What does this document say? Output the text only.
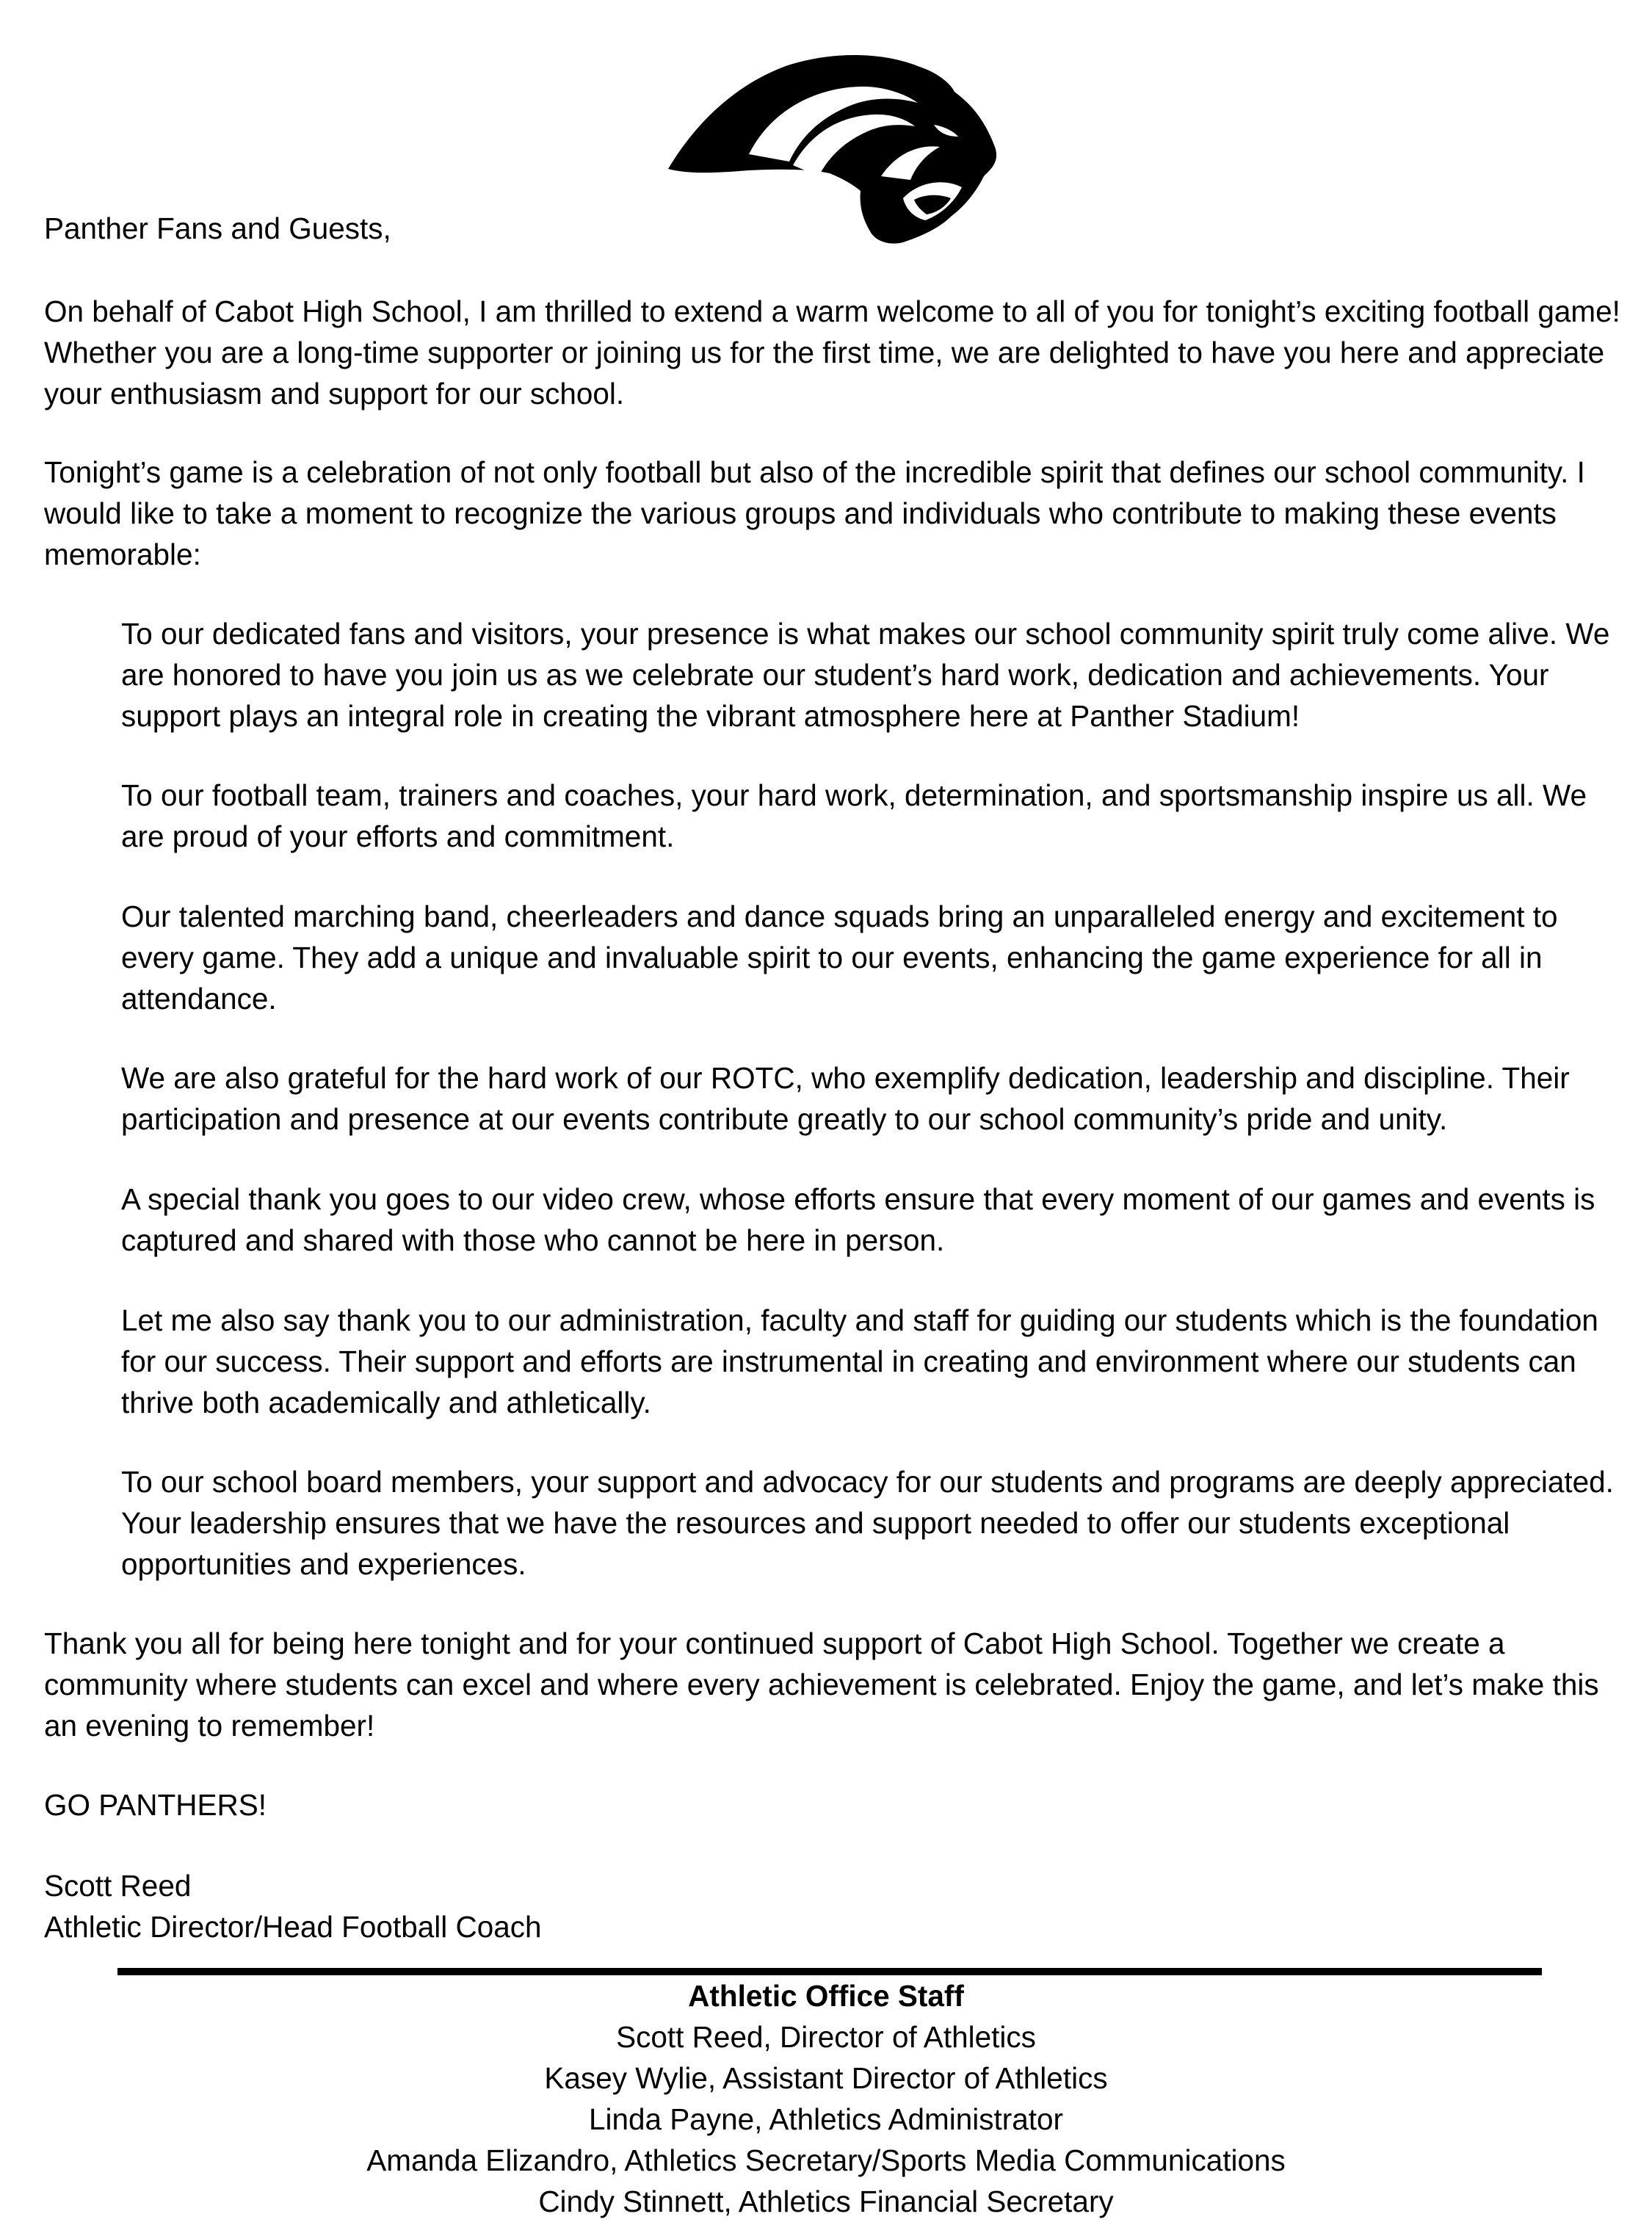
Panther Fans and Guests,

On behalf of Cabot High School, I am thrilled to extend a warm welcome to all of you for tonight’s exciting football game! Whether you are a long-time supporter or joining us for the first time, we are delighted to have you here and appreciate your enthusiasm and support for our school.

Tonight’s game is a celebration of not only football but also of the incredible spirit that defines our school community. I would like to take a moment to recognize the various groups and individuals who contribute to making these events memorable:

To our dedicated fans and visitors, your presence is what makes our school community spirit truly come alive. We are honored to have you join us as we celebrate our student’s hard work, dedication and achievements. Your support plays an integral role in creating the vibrant atmosphere here at Panther Stadium!

To our football team, trainers and coaches, your hard work, determination, and sportsmanship inspire us all. We are proud of your efforts and commitment.

Our talented marching band, cheerleaders and dance squads bring an unparalleled energy and excitement to every game. They add a unique and invaluable spirit to our events, enhancing the game experience for all in attendance.

We are also grateful for the hard work of our ROTC, who exemplify dedication, leadership and discipline. Their participation and presence at our events contribute greatly to our school community’s pride and unity.

A special thank you goes to our video crew, whose efforts ensure that every moment of our games and events is captured and shared with those who cannot be here in person.

Let me also say thank you to our administration, faculty and staff for guiding our students which is the foundation for our success. Their support and efforts are instrumental in creating and environment where our students can thrive both academically and athletically.

To our school board members, your support and advocacy for our students and programs are deeply appreciated. Your leadership ensures that we have the resources and support needed to offer our students exceptional opportunities and experiences.

Thank you all for being here tonight and for your continued support of Cabot High School. Together we create a community where students can excel and where every achievement is celebrated. Enjoy the game, and let’s make this an evening to remember!

GO PANTHERS!

Scott Reed

Athletic Director/Head Football Coach

Athletic Office Staff
Scott Reed, Director of Athletics
Kasey Wylie, Assistant Director of Athletics
Linda Payne, Athletics Administrator
Amanda Elizandro, Athletics Secretary/Sports Media Communications
Cindy Stinnett, Athletics Financial Secretary
